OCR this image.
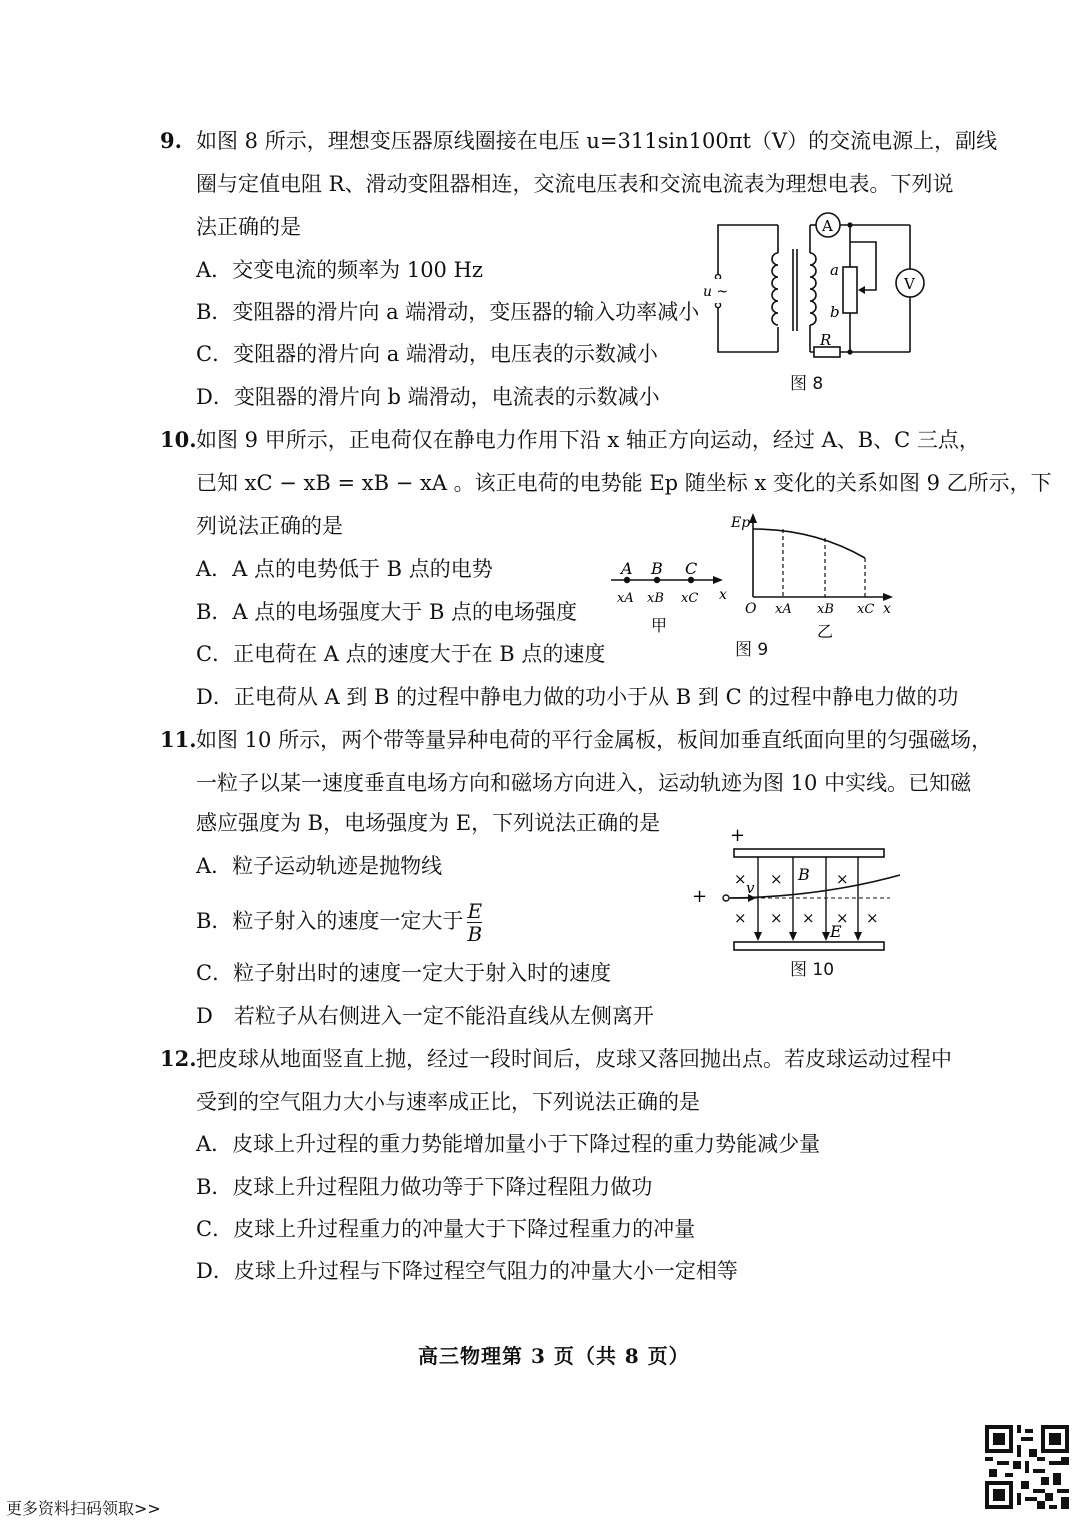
9. 如图 8 所示，理想变压器原线圈接在电压 u=311sin100πt（V）的交流电源上，副线
圈与定值电阻 R、滑动变阻器相连，交流电压表和交流电流表为理想电表。下列说
法正确的是
A．交变电流的频率为 100 Hz
B．变阻器的滑片向 a 端滑动，变压器的输入功率减小
C．变阻器的滑片向 a 端滑动，电压表的示数减小
D．变阻器的滑片向 b 端滑动，电流表的示数减小
u ~
A
V
a
b
R
图 8
10. 如图 9 甲所示，正电荷仅在静电力作用下沿 x 轴正方向运动，经过 A、B、C 三点，
已知 xC − xB = xB − xA 。该正电荷的电势能 Ep 随坐标 x 变化的关系如图 9 乙所示，下
列说法正确的是
A．A 点的电势低于 B 点的电势
B．A 点的电场强度大于 B 点的电场强度
C．正电荷在 A 点的速度大于在 B 点的速度
D．正电荷从 A 到 B 的过程中静电力做的功小于从 B 到 C 的过程中静电力做的功
A B C
xA xB xC x
甲
Ep
O xA xB xC x
乙
图 9
11. 如图 10 所示，两个带等量异种电荷的平行金属板，板间加垂直纸面向里的匀强磁场，
一粒子以某一速度垂直电场方向和磁场方向进入，运动轨迹为图 10 中实线。已知磁
感应强度为 B，电场强度为 E，下列说法正确的是
A．粒子运动轨迹是抛物线
B．粒子射入的速度一定大于 $\frac{E}{B}$
C．粒子射出时的速度一定大于射入时的速度
D　若粒子从右侧进入一定不能沿直线从左侧离开
+
+
× ×	×
× × × × ×
v
B
E
图 10
12. 把皮球从地面竖直上抛，经过一段时间后，皮球又落回抛出点。若皮球运动过程中
受到的空气阻力大小与速率成正比，下列说法正确的是
A．皮球上升过程的重力势能增加量小于下降过程的重力势能减少量
B．皮球上升过程阻力做功等于下降过程阻力做功
C．皮球上升过程重力的冲量大于下降过程重力的冲量
D．皮球上升过程与下降过程空气阻力的冲量大小一定相等
高三物理第 3 页（共 8 页）
更多资料扫码领取>>
